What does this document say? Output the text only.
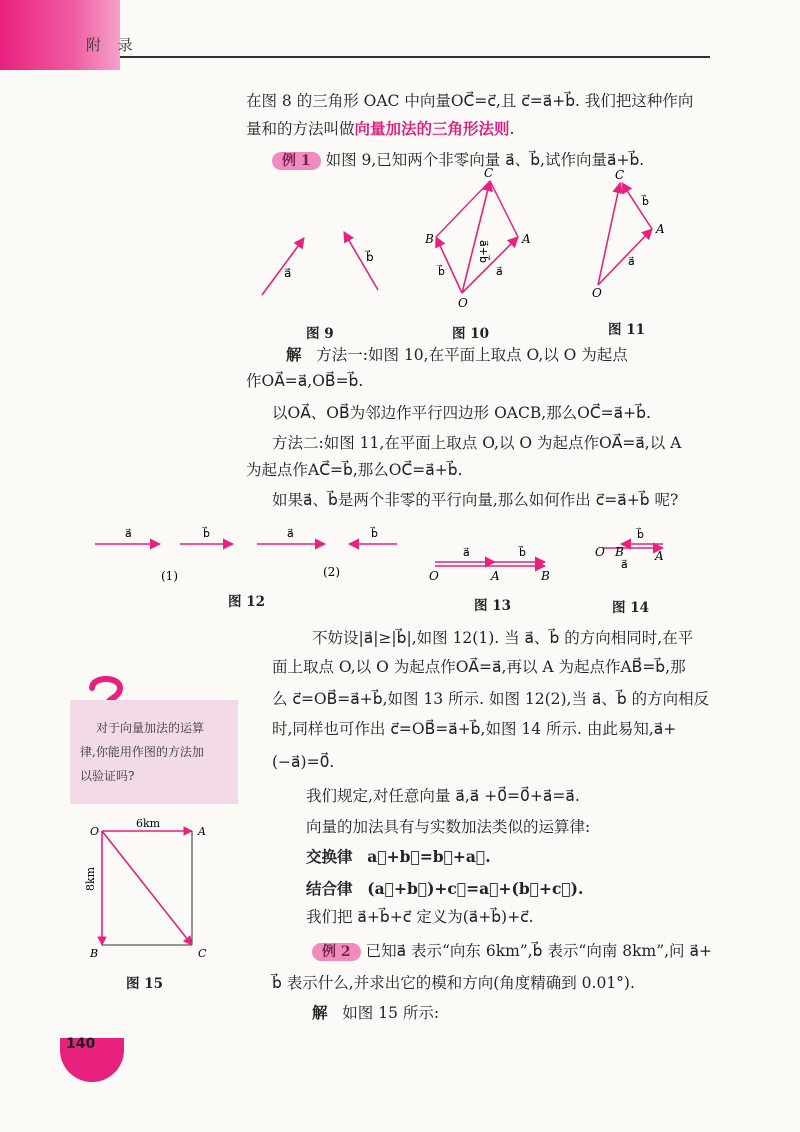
附 录
在图 8 的三角形 OAC 中向量OC⃗=c⃗,且 c⃗=a⃗+b⃗. 我们把这种作向
量和的方法叫做向量加法的三角形法则.
例 1 如图 9,已知两个非零向量 a⃗、b⃗,试作向量a⃗+b⃗.
a⃗
b⃗
C
B	A
O
a⃗
b⃗
a⃗+b⃗
C
A
O
a⃗
b⃗
图 9	图 10	图 11
解 方法一:如图 10,在平面上取点 O,以 O 为起点
作OA⃗=a⃗,OB⃗=b⃗.
以OA⃗、OB⃗为邻边作平行四边形 OACB,那么OC⃗=a⃗+b⃗.
方法二:如图 11,在平面上取点 O,以 O 为起点作OA⃗=a⃗,以 A
为起点作AC⃗=b⃗,那么OC⃗=a⃗+b⃗.
如果a⃗、b⃗是两个非零的平行向量,那么如何作出 c⃗=a⃗+b⃗ 呢?
a⃗	b⃗	a⃗	b⃗
(1)	(2)
a⃗	b⃗
O	A	B
b⃗
a⃗
O B	A
图 12	图 13	图 14
不妨设|a⃗|≥|b⃗|,如图 12(1). 当 a⃗、b⃗ 的方向相同时,在平
面上取点 O,以 O 为起点作OA⃗=a⃗,再以 A 为起点作AB⃗=b⃗,那
么 c⃗=OB⃗=a⃗+b⃗,如图 13 所示. 如图 12(2),当 a⃗、b⃗ 的方向相反
时,同样也可作出 c⃗=OB⃗=a⃗+b⃗,如图 14 所示. 由此易知,a⃗+
(−a⃗)=0⃗.
对于向量加法的运算
律,你能用作图的方法加
以验证吗?
我们规定,对任意向量 a⃗,a⃗ +0⃗=0⃗+a⃗=a⃗.
向量的加法具有与实数加法类似的运算律:
交换律 a⃗+b⃗=b⃗+a⃗.
结合律 (a⃗+b⃗)+c⃗=a⃗+(b⃗+c⃗).
我们把 a⃗+b⃗+c⃗ 定义为(a⃗+b⃗)+c⃗.
O	A
B	C
6km
8km
图 15
例 2 已知a⃗ 表示“向东 6km”,b⃗ 表示“向南 8km”,问 a⃗+
b⃗ 表示什么,并求出它的模和方向(角度精确到 0.01°).
解 如图 15 所示:
140
